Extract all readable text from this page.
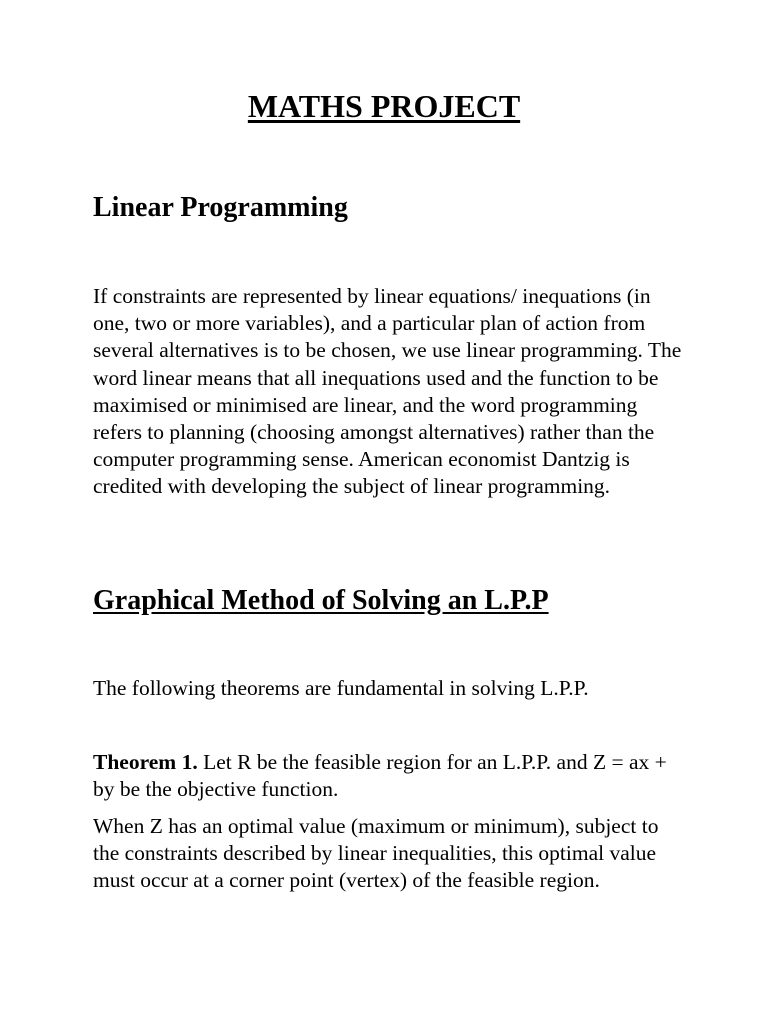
MATHS PROJECT
Linear Programming

If constraints are represented by linear equations/ inequations (in one, two or more variables), and a particular plan of action from several alternatives is to be chosen, we use linear programming. The word linear means that all inequations used and the function to be maximised or minimised are linear, and the word programming refers to planning (choosing amongst alternatives) rather than the computer programming sense. American economist Dantzig is credited with developing the subject of linear programming.

Graphical Method of Solving an L.P.P

The following theorems are fundamental in solving L.P.P.

Theorem 1. Let R be the feasible region for an L.P.P. and Z = ax + by be the objective function.

When Z has an optimal value (maximum or minimum), subject to the constraints described by linear inequalities, this optimal value must occur at a corner point (vertex) of the feasible region.
